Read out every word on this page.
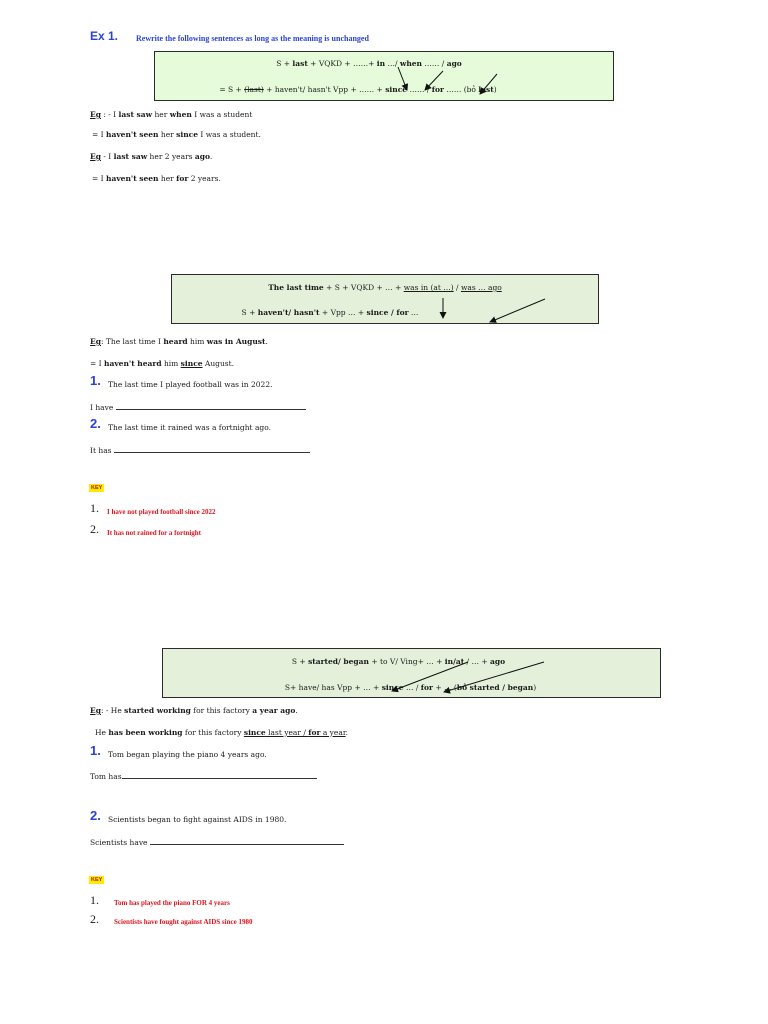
Ex 1. Rewrite the following sentences as long as the meaning is unchanged
S + last + VQKD + ……+ in …/ when …… / ago
= S + (last) + haven't/ hasn't Vpp + …… + since …… / for …… (bỏ last)
Eg : - I last saw her when I was a student
= I haven't seen her since I was a student.
Eg - I last saw her 2 years ago.
= I haven't seen her for 2 years.
The last time + S + VQKD + … + was in (at …) / was … ago
S + haven't/ hasn't + Vpp … + since / for …
Eg: The last time I heard him was in August.
= I haven't heard him since August.
1. The last time I played football was in 2022.
I have
2. The last time it rained was a fortnight ago.
It has
KEY
1. I have not played football since 2022
2. It has not rained for a fortnight
S + started/ began + to V/ Ving+ … + in/at / … + ago
S+ have/ has Vpp + … + since … / for + … (bỏ started / began)
Eg: - He started working for this factory a year ago.
He has been working for this factory since last year / for a year.
1. Tom began playing the piano 4 years ago.
Tom has
2. Scientists began to fight against AIDS in 1980.
Scientists have
KEY
1. Tom has played the piano FOR 4 years
2. Scientists have fought against AIDS since 1980
